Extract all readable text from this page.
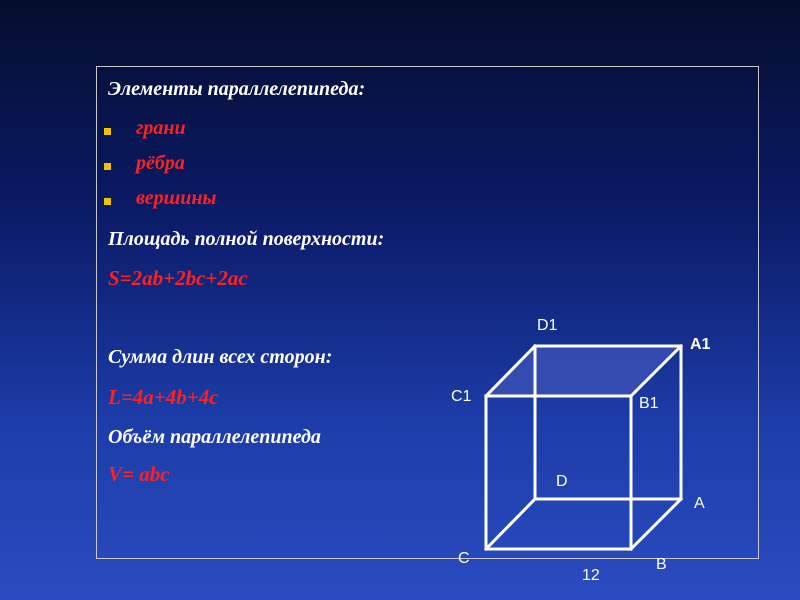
Элементы параллелепипеда:
грани
рёбра
вершины
Площадь полной поверхности:
S=2ab+2bc+2ac
Сумма длин всех сторон:
L=4a+4b+4c
Объём параллелепипеда
V= abc
D1
A1
C1	B1
D
A
C	B
12
